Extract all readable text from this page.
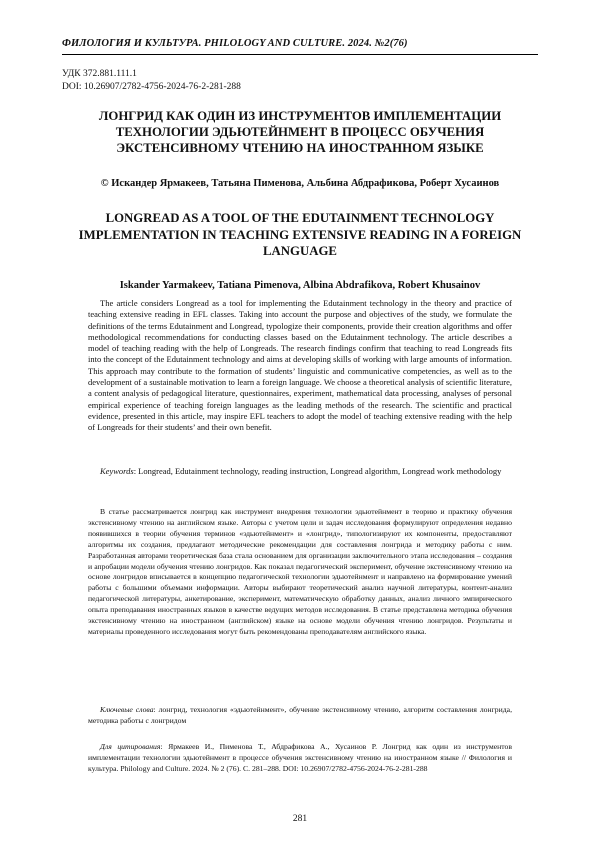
ФИЛОЛОГИЯ И КУЛЬТУРА. PHILOLOGY AND CULTURE. 2024. №2(76)
УДК 372.881.111.1
DOI: 10.26907/2782-4756-2024-76-2-281-288
ЛОНГРИД КАК ОДИН ИЗ ИНСТРУМЕНТОВ ИМПЛЕМЕНТАЦИИ ТЕХНОЛОГИИ ЭДЬЮТЕЙНМЕНТ В ПРОЦЕСС ОБУЧЕНИЯ ЭКСТЕНСИВНОМУ ЧТЕНИЮ НА ИНОСТРАННОМ ЯЗЫКЕ
© Искандер Ярмакеев, Татьяна Пименова, Альбина Абдрафикова, Роберт Хусаинов
LONGREAD AS A TOOL OF THE EDUTAINMENT TECHNOLOGY IMPLEMENTATION IN TEACHING EXTENSIVE READING IN A FOREIGN LANGUAGE
Iskander Yarmakeev, Tatiana Pimenova, Albina Abdrafikova, Robert Khusainov
The article considers Longread as a tool for implementing the Edutainment technology in the theory and practice of teaching extensive reading in EFL classes. Taking into account the purpose and objectives of the study, we formulate the definitions of the terms Edutainment and Longread, typologize their components, provide their creation algorithms and offer methodological recommendations for conducting classes based on the Edutainment technology. The article describes a model of teaching reading with the help of Longreads. The research findings confirm that teaching to read Longreads fits into the concept of the Edutainment technology and aims at developing skills of working with large amounts of information. This approach may contribute to the formation of students’ linguistic and communicative competencies, as well as to the development of a sustainable motivation to learn a foreign language. We choose a theoretical analysis of scientific literature, a content analysis of pedagogical literature, questionnaires, experiment, mathematical data processing, analyses of personal empirical experience of teaching foreign languages as the leading methods of the research. The scientific and practical evidence, presented in this article, may inspire EFL teachers to adopt the model of teaching extensive reading with the help of Longreads for their students’ and their own benefit.
Keywords: Longread, Edutainment technology, reading instruction, Longread algorithm, Longread work methodology
В статье рассматривается лонгрид как инструмент внедрения технологии эдьютейнмент в теорию и практику обучения экстенсивному чтению на английском языке. Авторы с учетом цели и задач исследования формулируют определения недавно появившихся в теории обучения терминов «эдьютейнмент» и «лонгрид», типологизируют их компоненты, предоставляют алгоритмы их создания, предлагают методические рекомендации для составления лонгрида и методику работы с ним. Разработанная авторами теоретическая база стала основанием для организации заключительного этапа исследования – создания и апробации модели обучения чтению лонгридов. Как показал педагогический эксперимент, обучение экстенсивному чтению на основе лонгридов вписывается в концепцию педагогической технологии эдьютейнмент и направлено на формирование умений работы с большими объемами информации. Авторы выбирают теоретический анализ научной литературы, контент-анализ педагогической литературы, анкетирование, эксперимент, математическую обработку данных, анализ личного эмпирического опыта преподавания иностранных языков в качестве ведущих методов исследования. В статье представлена методика обучения экстенсивному чтению на иностранном (английском) языке на основе модели обучения чтению лонгридов. Результаты и материалы проведенного исследования могут быть рекомендованы преподавателям английского языка.
Ключевые слова: лонгрид, технология «эдьютейнмент», обучение экстенсивному чтению, алгоритм составления лонгрида, методика работы с лонгридом
Для цитирования: Ярмакеев И., Пименова Т., Абдрафикова А., Хусаинов Р. Лонгрид как один из инструментов имплементации технологии эдьютейнмент в процессе обучения экстенсивному чтению на иностранном языке // Филология и культура. Philology and Culture. 2024. № 2 (76). С. 281–288. DOI: 10.26907/2782-4756-2024-76-2-281-288
281
